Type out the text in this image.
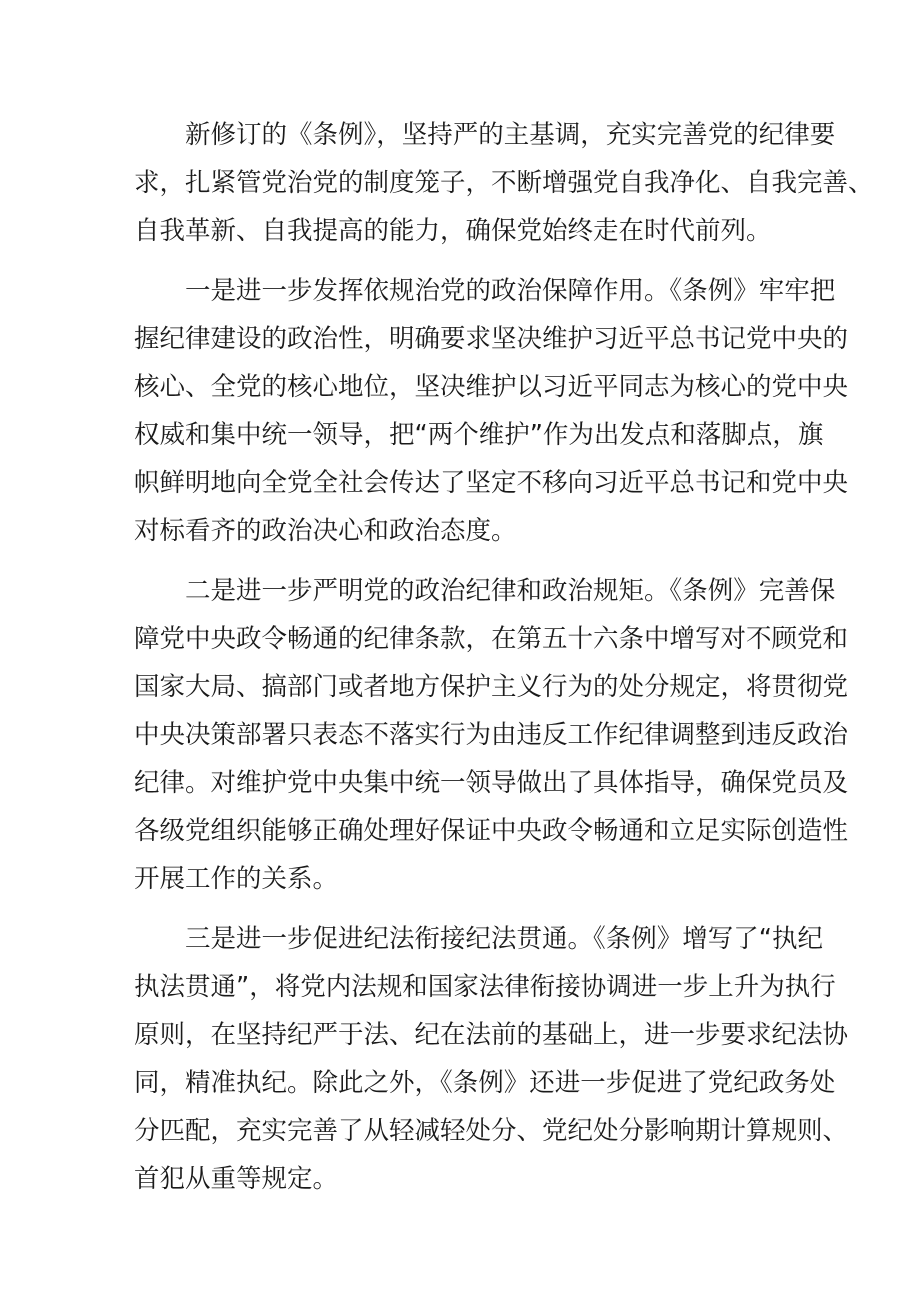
新修订的《条例》，坚持严的主基调，充实完善党的纪律要
求，扎紧管党治党的制度笼子，不断增强党自我净化、自我完善、
自我革新、自我提高的能力，确保党始终走在时代前列。

一是进一步发挥依规治党的政治保障作用。《条例》牢牢把
握纪律建设的政治性，明确要求坚决维护习近平总书记党中央的
核心、全党的核心地位，坚决维护以习近平同志为核心的党中央
权威和集中统一领导，把“两个维护”作为出发点和落脚点，旗
帜鲜明地向全党全社会传达了坚定不移向习近平总书记和党中央
对标看齐的政治决心和政治态度。

二是进一步严明党的政治纪律和政治规矩。《条例》完善保
障党中央政令畅通的纪律条款，在第五十六条中增写对不顾党和
国家大局、搞部门或者地方保护主义行为的处分规定，将贯彻党
中央决策部署只表态不落实行为由违反工作纪律调整到违反政治
纪律。对维护党中央集中统一领导做出了具体指导，确保党员及
各级党组织能够正确处理好保证中央政令畅通和立足实际创造性
开展工作的关系。

三是进一步促进纪法衔接纪法贯通。《条例》增写了“执纪
执法贯通”，将党内法规和国家法律衔接协调进一步上升为执行
原则，在坚持纪严于法、纪在法前的基础上，进一步要求纪法协
同，精准执纪。除此之外，《条例》还进一步促进了党纪政务处
分匹配，充实完善了从轻减轻处分、党纪处分影响期计算规则、
首犯从重等规定。
